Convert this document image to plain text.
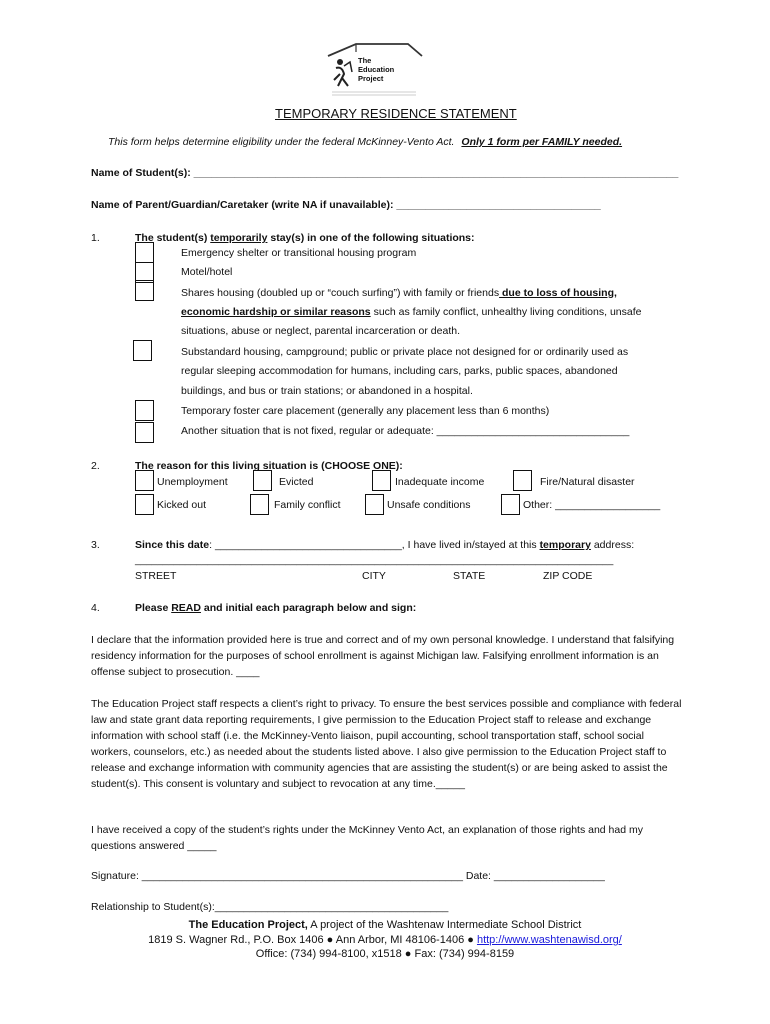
The
Education
Project
TEMPORARY RESIDENCE STATEMENT
This form helps determine eligibility under the federal McKinney-Vento Act. Only 1 form per FAMILY needed.
Name of Student(s): ___________________________________________________________________________________
Name of Parent/Guardian/Caretaker (write NA if unavailable): ___________________________________
1.	The student(s) temporarily stay(s) in one of the following situations:
Emergency shelter or transitional housing program
Motel/hotel
Shares housing (doubled up or “couch surfing”) with family or friends due to loss of housing,
economic hardship or similar reasons such as family conflict, unhealthy living conditions, unsafe
situations, abuse or neglect, parental incarceration or death.
Substandard housing, campground; public or private place not designed for or ordinarily used as
regular sleeping accommodation for humans, including cars, parks, public spaces, abandoned
buildings, and bus or train stations; or abandoned in a hospital.
Temporary foster care placement (generally any placement less than 6 months)
Another situation that is not fixed, regular or adequate: _________________________________
2.	The reason for this living situation is (CHOOSE ONE):
Unemployment	Evicted	Inadequate income	Fire/Natural disaster
Kicked out	Family conflict	Unsafe conditions	Other: __________________
3.	Since this date: ________________________________, I have lived in/stayed at this temporary address:
______________________________________________________________________________________
STREET	CITY	STATE	ZIP CODE
4.	Please READ and initial each paragraph below and sign:
I declare that the information provided here is true and correct and of my own personal knowledge. I understand that falsifying residency information for the purposes of school enrollment is against Michigan law. Falsifying enrollment information is an offense subject to prosecution. ____
The Education Project staff respects a client’s right to privacy. To ensure the best services possible and compliance with federal law and state grant data reporting requirements, I give permission to the Education Project staff to release and exchange information with school staff (i.e. the McKinney-Vento liaison, pupil accounting, school transportation staff, school social workers, counselors, etc.) as needed about the students listed above. I also give permission to the Education Project staff to release and exchange information with community agencies that are assisting the student(s) or are being asked to assist the student(s). This consent is voluntary and subject to revocation at any time._____
I have received a copy of the student’s rights under the McKinney Vento Act, an explanation of those rights and had my questions answered _____
Signature: _______________________________________________________ Date: ___________________
Relationship to Student(s):________________________________________
The Education Project, A project of the Washtenaw Intermediate School District
1819 S. Wagner Rd., P.O. Box 1406 ● Ann Arbor, MI 48106-1406 ● http://www.washtenawisd.org/
Office: (734) 994-8100, x1518 ● Fax: (734) 994-8159
